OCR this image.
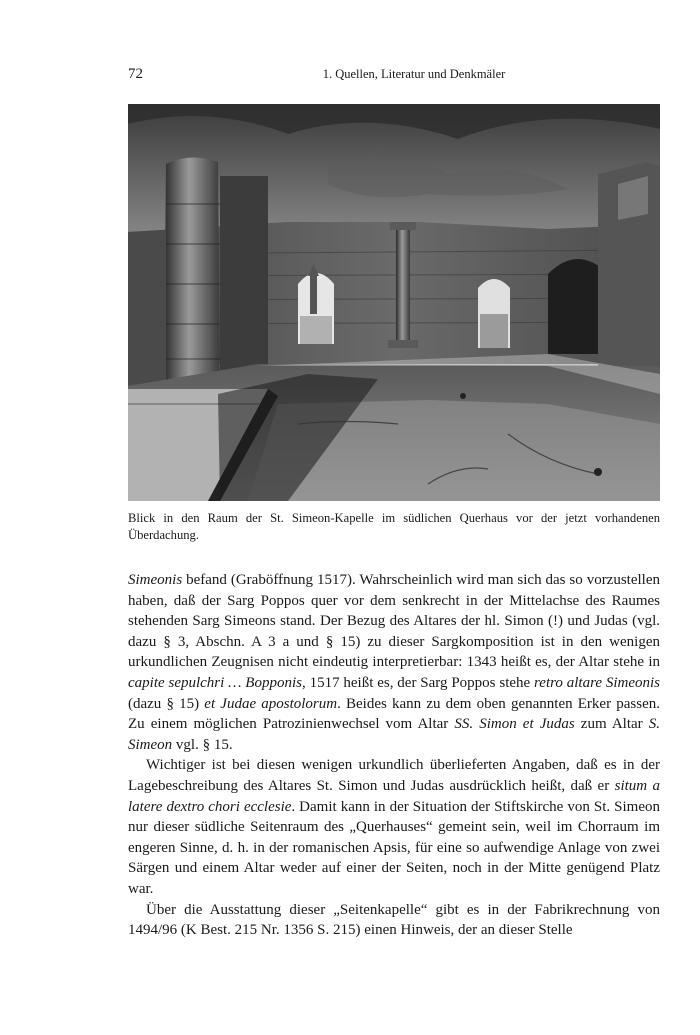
72	1. Quellen, Literatur und Denkmäler
Blick in den Raum der St. Simeon-Kapelle im südlichen Querhaus vor der jetzt vorhandenen Überdachung.

Simeonis befand (Graböffnung 1517). Wahrscheinlich wird man sich das so vorzustellen haben, daß der Sarg Poppos quer vor dem senkrecht in der Mittelachse des Raumes stehenden Sarg Simeons stand. Der Bezug des Altares der hl. Simon (!) und Judas (vgl. dazu § 3, Abschn. A 3 a und § 15) zu dieser Sargkomposition ist in den wenigen urkundlichen Zeugnisen nicht eindeutig interpretierbar: 1343 heißt es, der Altar stehe in capite sepulchri … Bopponis, 1517 heißt es, der Sarg Poppos stehe retro altare Simeonis (dazu § 15) et Judae apostolorum. Beides kann zu dem oben genannten Erker passen. Zu einem möglichen Patrozinienwechsel vom Altar SS. Simon et Judas zum Altar S. Simeon vgl. § 15.

Wichtiger ist bei diesen wenigen urkundlich überlieferten Angaben, daß es in der Lagebeschreibung des Altares St. Simon und Judas ausdrücklich heißt, daß er situm a latere dextro chori ecclesie. Damit kann in der Situation der Stiftskirche von St. Simeon nur dieser südliche Seitenraum des „Querhauses“ gemeint sein, weil im Chorraum im engeren Sinne, d. h. in der romanischen Apsis, für eine so aufwendige Anlage von zwei Särgen und einem Altar weder auf einer der Seiten, noch in der Mitte genügend Platz war.

Über die Ausstattung dieser „Seitenkapelle“ gibt es in der Fabrikrechnung von 1494/96 (K Best. 215 Nr. 1356 S. 215) einen Hinweis, der an dieser Stelle
